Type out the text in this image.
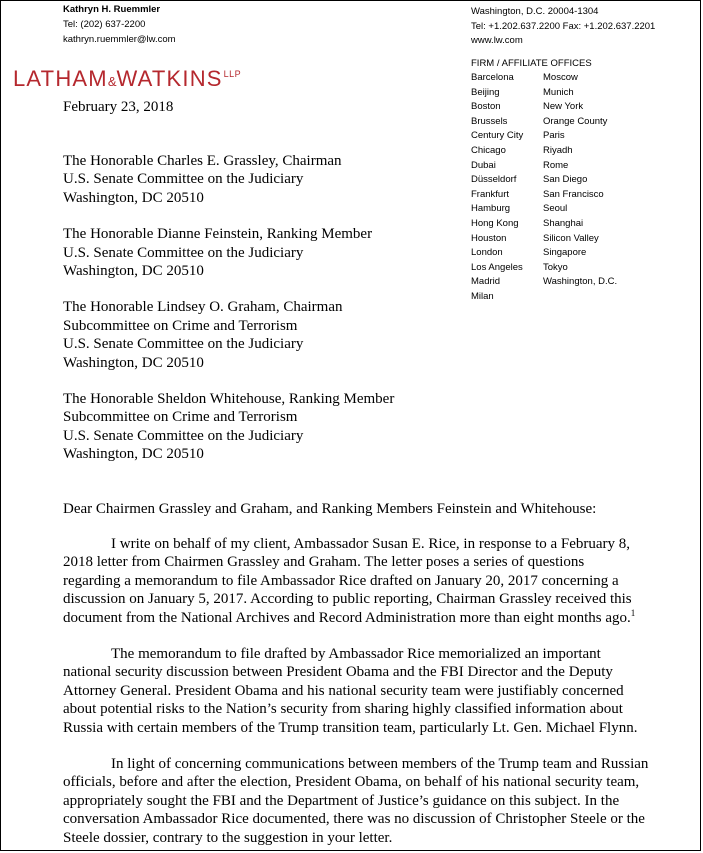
Kathryn H. Ruemmler
Tel: (202) 637-2200
kathryn.ruemmler@lw.com
$LATHAM\&WATKINS^{LLP}$
Washington, D.C. 20004-1304
Tel: +1.202.637.2200 Fax: +1.202.637.2201
www.lw.com
FIRM / AFFILIATE OFFICES
Barcelona	Moscow
Beijing	Munich
Boston	New York
Brussels	Orange County
Century City	Paris
Chicago	Riyadh
Dubai	Rome
Düsseldorf	San Diego
Frankfurt	San Francisco
Hamburg	Seoul
Hong Kong	Shanghai
Houston	Silicon Valley
London	Singapore
Los Angeles	Tokyo
Madrid	Washington, D.C.
Milan

February 23, 2018
The Honorable Charles E. Grassley, Chairman
U.S. Senate Committee on the Judiciary
Washington, DC 20510
The Honorable Dianne Feinstein, Ranking Member
U.S. Senate Committee on the Judiciary
Washington, DC 20510
The Honorable Lindsey O. Graham, Chairman
Subcommittee on Crime and Terrorism
U.S. Senate Committee on the Judiciary
Washington, DC 20510
The Honorable Sheldon Whitehouse, Ranking Member
Subcommittee on Crime and Terrorism
U.S. Senate Committee on the Judiciary
Washington, DC 20510
Dear Chairmen Grassley and Graham, and Ranking Members Feinstein and Whitehouse:

I write on behalf of my client, Ambassador Susan E. Rice, in response to a February 8,
2018 letter from Chairmen Grassley and Graham. The letter poses a series of questions
regarding a memorandum to file Ambassador Rice drafted on January 20, 2017 concerning a
discussion on January 5, 2017. According to public reporting, Chairman Grassley received this
document from the National Archives and Record Administration more than eight months ago.$^1$

The memorandum to file drafted by Ambassador Rice memorialized an important
national security discussion between President Obama and the FBI Director and the Deputy
Attorney General. President Obama and his national security team were justifiably concerned
about potential risks to the Nation’s security from sharing highly classified information about
Russia with certain members of the Trump transition team, particularly Lt. Gen. Michael Flynn.

In light of concerning communications between members of the Trump team and Russian
officials, before and after the election, President Obama, on behalf of his national security team,
appropriately sought the FBI and the Department of Justice’s guidance on this subject. In the
conversation Ambassador Rice documented, there was no discussion of Christopher Steele or the
Steele dossier, contrary to the suggestion in your letter.
